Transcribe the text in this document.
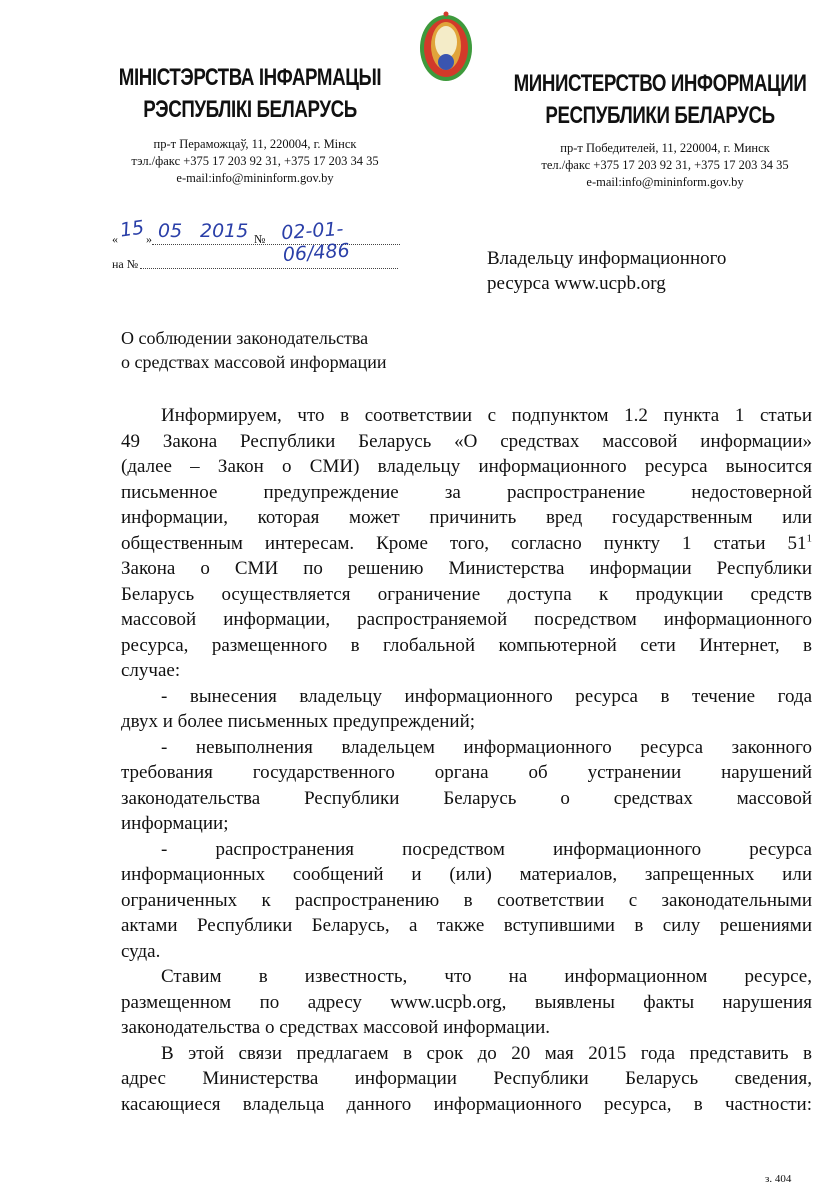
МІНІСТЭРСТВА ІНФАРМАЦЫІ
РЭСПУБЛІКІ БЕЛАРУСЬ
пр-т Пераможцаў, 11, 220004, г. Мінск
тэл./факс +375 17 203 92 31, +375 17 203 34 35
e-mail:info@mininform.gov.by
МИНИСТЕРСТВО ИНФОРМАЦИИ
РЕСПУБЛИКИ БЕЛАРУСЬ
пр-т Победителей, 11, 220004, г. Минск
тел./факс +375 17 203 92 31, +375 17 203 34 35
e-mail:info@mininform.gov.by
« 15 » 05 2015 № 02-01-06/486
на №	Владельцу информационного
ресурса www.ucpb.org
О соблюдении законодательства
о средствах массовой информации
Информируем, что в соответствии с подпунктом 1.2 пункта 1 статьи
49 Закона Республики Беларусь «О средствах массовой информации»
(далее – Закон о СМИ) владельцу информационного ресурса выносится
письменное предупреждение за распространение недостоверной
информации, которая может причинить вред государственным или
общественным интересам. Кроме того, согласно пункту 1 статьи $51^1$
Закона о СМИ по решению Министерства информации Республики
Беларусь осуществляется ограничение доступа к продукции средств
массовой информации, распространяемой посредством информационного
ресурса, размещенного в глобальной компьютерной сети Интернет, в
случае:
- вынесения владельцу информационного ресурса в течение года
двух и более письменных предупреждений;
- невыполнения владельцем информационного ресурса законного
требования государственного органа об устранении нарушений
законодательства Республики Беларусь о средствах массовой
информации;
- распространения посредством информационного ресурса
информационных сообщений и (или) материалов, запрещенных или
ограниченных к распространению в соответствии с законодательными
актами Республики Беларусь, а также вступившими в силу решениями
суда.
Ставим в известность, что на информационном ресурсе,
размещенном по адресу www.ucpb.org, выявлены факты нарушения
законодательства о средствах массовой информации.
В этой связи предлагаем в срок до 20 мая 2015 года представить в
адрес Министерства информации Республики Беларусь сведения,
касающиеся владельца данного информационного ресурса, в частности:
з. 404
